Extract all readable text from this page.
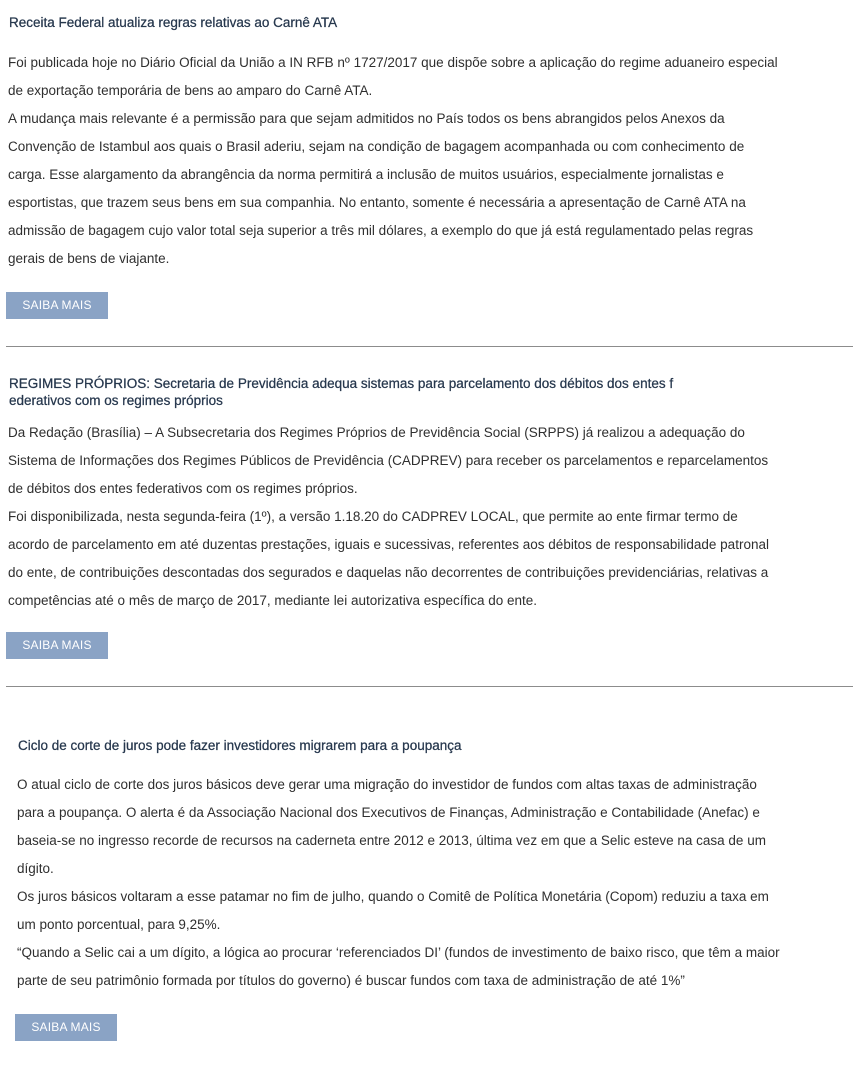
Receita Federal atualiza regras relativas ao Carnê ATA

Foi publicada hoje no Diário Oficial da União a IN RFB nº 1727/2017 que dispõe sobre a aplicação do regime aduaneiro especial

de exportação temporária de bens ao amparo do Carnê ATA.

A mudança mais relevante é a permissão para que sejam admitidos no País todos os bens abrangidos pelos Anexos da

Convenção de Istambul aos quais o Brasil aderiu, sejam na condição de bagagem acompanhada ou com conhecimento de

carga. Esse alargamento da abrangência da norma permitirá a inclusão de muitos usuários, especialmente jornalistas e

esportistas, que trazem seus bens em sua companhia. No entanto, somente é necessária a apresentação de Carnê ATA na

admissão de bagagem cujo valor total seja superior a três mil dólares, a exemplo do que já está regulamentado pelas regras

gerais de bens de viajante.

SAIBA MAIS
REGIMES PRÓPRIOS: Secretaria de Previdência adequa sistemas para parcelamento dos débitos dos entes f
ederativos com os regimes próprios

Da Redação (Brasília) – A Subsecretaria dos Regimes Próprios de Previdência Social (SRPPS) já realizou a adequação do

Sistema de Informações dos Regimes Públicos de Previdência (CADPREV) para receber os parcelamentos e reparcelamentos

de débitos dos entes federativos com os regimes próprios.

Foi disponibilizada, nesta segunda-feira (1º), a versão 1.18.20 do CADPREV LOCAL, que permite ao ente firmar termo de

acordo de parcelamento em até duzentas prestações, iguais e sucessivas, referentes aos débitos de responsabilidade patronal

do ente, de contribuições descontadas dos segurados e daquelas não decorrentes de contribuições previdenciárias, relativas a

competências até o mês de março de 2017, mediante lei autorizativa específica do ente.

SAIBA MAIS
Ciclo de corte de juros pode fazer investidores migrarem para a poupança

O atual ciclo de corte dos juros básicos deve gerar uma migração do investidor de fundos com altas taxas de administração

para a poupança. O alerta é da Associação Nacional dos Executivos de Finanças, Administração e Contabilidade (Anefac) e

baseia-se no ingresso recorde de recursos na caderneta entre 2012 e 2013, última vez em que a Selic esteve na casa de um

dígito.

Os juros básicos voltaram a esse patamar no fim de julho, quando o Comitê de Política Monetária (Copom) reduziu a taxa em

um ponto porcentual, para 9,25%.

“Quando a Selic cai a um dígito, a lógica ao procurar ‘referenciados DI’ (fundos de investimento de baixo risco, que têm a maior

parte de seu patrimônio formada por títulos do governo) é buscar fundos com taxa de administração de até 1%”

SAIBA MAIS
